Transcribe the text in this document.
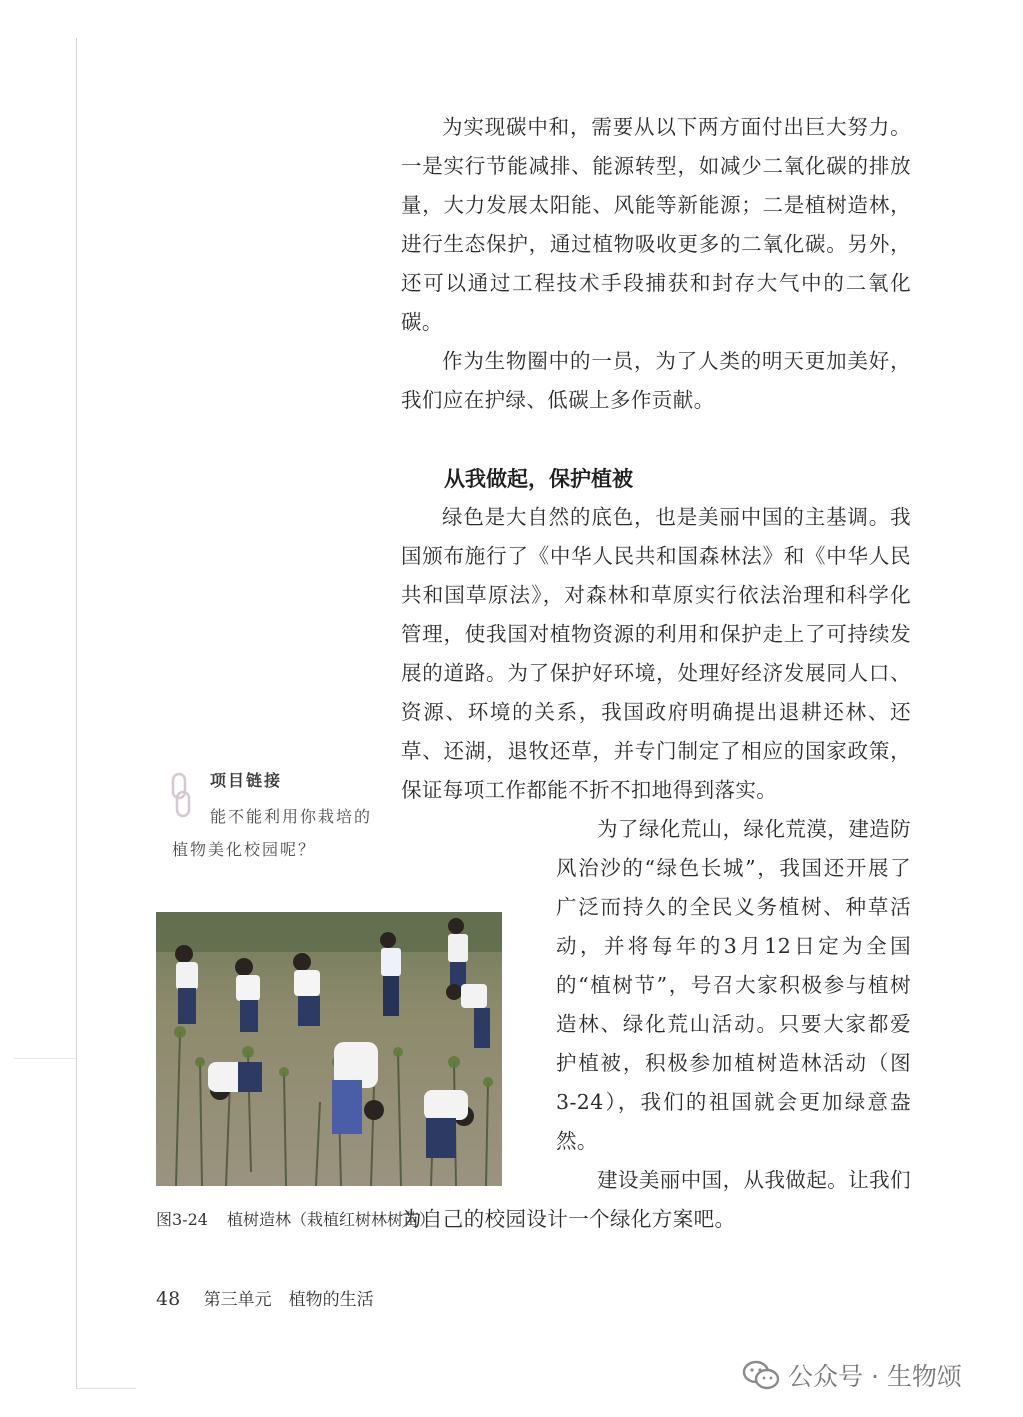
为实现碳中和，需要从以下两方面付出巨大努力。一是实行节能减排、能源转型，如减少二氧化碳的排放量，大力发展太阳能、风能等新能源；二是植树造林，进行生态保护，通过植物吸收更多的二氧化碳。另外，还可以通过工程技术手段捕获和封存大气中的二氧化碳。

作为生物圈中的一员，为了人类的明天更加美好，我们应在护绿、低碳上多作贡献。

从我做起，保护植被

绿色是大自然的底色，也是美丽中国的主基调。我国颁布施行了《中华人民共和国森林法》和《中华人民共和国草原法》，对森林和草原实行依法治理和科学化管理，使我国对植物资源的利用和保护走上了可持续发展的道路。为了保护好环境，处理好经济发展同人口、资源、环境的关系，我国政府明确提出退耕还林、还草、还湖，退牧还草，并专门制定了相应的国家政策，保证每项工作都能不折不扣地得到落实。

为了绿化荒山，绿化荒漠，建造防风治沙的“绿色长城”，我国还开展了广泛而持久的全民义务植树、种草活动，并将每年的3月12日定为全国的“植树节”，号召大家积极参与植树造林、绿化荒山活动。只要大家都爱护植被，积极参加植树造林活动（图3-24），我们的祖国就会更加绿意盎然。

建设美丽中国，从我做起。让我们为自己的校园设计一个绿化方案吧。

项目链接
能不能利用你栽培的植物美化校园呢？
图3-24 植树造林（栽植红树林树苗）
48 第三单元　植物的生活
公众号 · 生物颂
